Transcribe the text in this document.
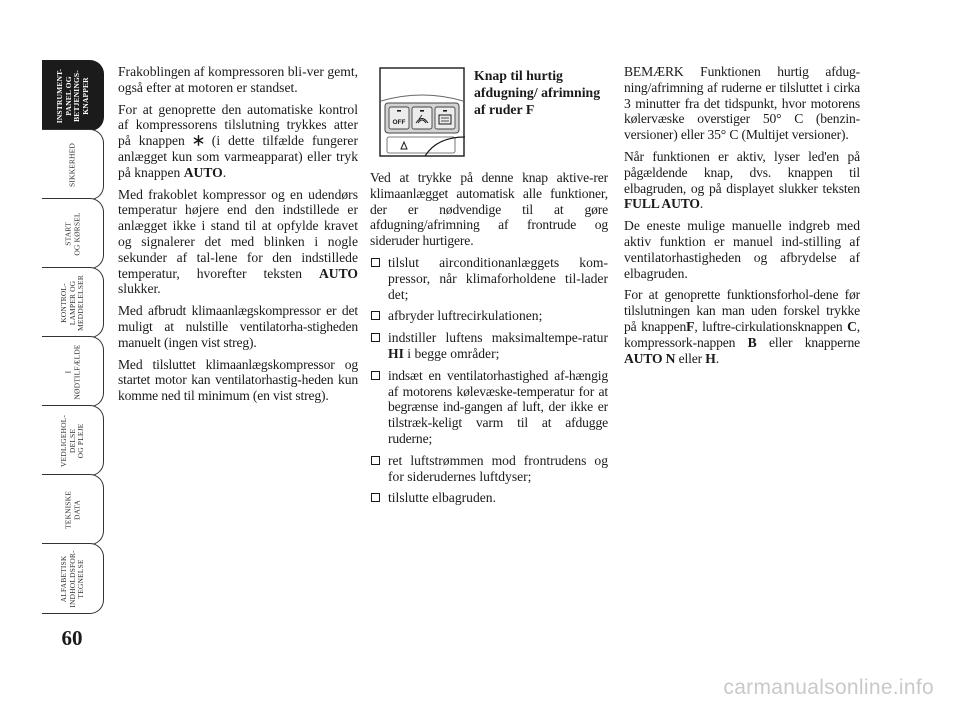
INSTRUMENT-
PANEL OG
BETJENINGS-
KNAPPER
SIKKERHED
START
OG KØRSEL
KONTROL-
LAMPER OG
MEDDELELSER
I
NØDTILFÆLDE
VEDLIGEHOL-
DELSE
OG PLEJE
TEKNISKE
DATA
ALFABETISK
INDHOLDSFOR-
TEGNELSE
60

Frakoblingen af kompressoren bli-ver gemt, også efter at motoren er standset.

For at genoprette den automatiske kontrol af kompressorens tilslutning trykkes atter på knappen  (i dette tilfælde fungerer anlægget kun som varmeapparat) eller tryk på knappen AUTO.

Med frakoblet kompressor og en udendørs temperatur højere end den indstillede er anlægget ikke i stand til at opfylde kravet og signalerer det med blinken i nogle sekunder af tal-lene for den indstillede temperatur, hvorefter teksten AUTO slukker.

Med afbrudt klimaanlægskompressor er det muligt at nulstille ventilatorha-stigheden manuelt (ingen vist streg).

Med tilsluttet klimaanlægskompressor og startet motor kan ventilatorhastig-heden kun komme ned til minimum (en vist streg).

OFF
Knap til hurtig afdugning/ afrimning af ruder F

Ved at trykke på denne knap aktive-rer klimaanlægget automatisk alle funktioner, der er nødvendige til at gøre afdugning/afrimning af frontrude og sideruder hurtigere.

tilslut airconditionanlæggets kom-pressor, når klimaforholdene til-lader det;
afbryder luftrecirkulationen;
indstiller luftens maksimaltempe-ratur HI i begge områder;
indsæt en ventilatorhastighed af-hængig af motorens kølevæske-temperatur for at begrænse ind-gangen af luft, der ikke er tilstræk-keligt varm til at afdugge ruderne;
ret luftstrømmen mod frontrudens og for siderudernes luftdyser;
tilslutte elbagruden.

BEMÆRK Funktionen hurtig afdug-ning/afrimning af ruderne er tilsluttet i cirka 3 minutter fra det tidspunkt, hvor motorens kølervæske overstiger 50° C (benzin-versioner) eller 35° C (Multijet versioner).

Når funktionen er aktiv, lyser led'en på pågældende knap, dvs. knappen til elbagruden, og på displayet slukker teksten FULL AUTO.

De eneste mulige manuelle indgreb med aktiv funktion er manuel ind-stilling af ventilatorhastigheden og afbrydelse af elbagruden.

For at genoprette funktionsforhol-dene før tilslutningen kan man uden forskel trykke på knappenF, luftre-cirkulationsknappen C, kompressork-nappen B eller knapperne AUTO N eller H.

carmanualsonline.info
